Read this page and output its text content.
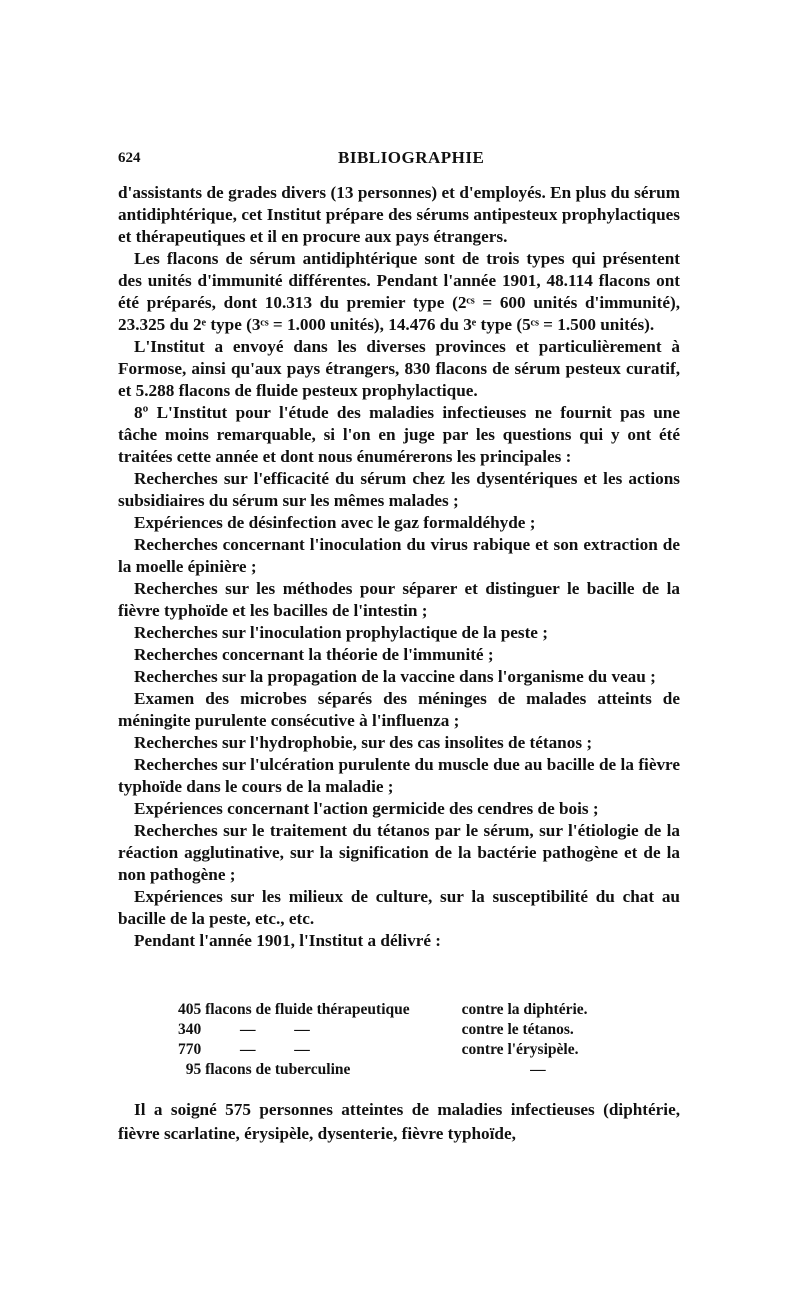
624	BIBLIOGRAPHIE

d'assistants de grades divers (13 personnes) et d'employés. En plus du sérum antidiphtérique, cet Institut prépare des sérums antipesteux prophylactiques et thérapeutiques et il en procure aux pays étrangers.

Les flacons de sérum antidiphtérique sont de trois types qui présentent des unités d'immunité différentes. Pendant l'année 1901, 48.114 flacons ont été préparés, dont 10.313 du premier type (2ᶜˢ = 600 unités d'immunité), 23.325 du 2ᵉ type (3ᶜˢ = 1.000 unités), 14.476 du 3ᵉ type (5ᶜˢ = 1.500 unités).

L'Institut a envoyé dans les diverses provinces et particulièrement à Formose, ainsi qu'aux pays étrangers, 830 flacons de sérum pesteux curatif, et 5.288 flacons de fluide pesteux prophylactique.

8º L'Institut pour l'étude des maladies infectieuses ne fournit pas une tâche moins remarquable, si l'on en juge par les questions qui y ont été traitées cette année et dont nous énumérerons les principales :

Recherches sur l'efficacité du sérum chez les dysentériques et les actions subsidiaires du sérum sur les mêmes malades ;

Expériences de désinfection avec le gaz formaldéhyde ;

Recherches concernant l'inoculation du virus rabique et son extraction de la moelle épinière ;

Recherches sur les méthodes pour séparer et distinguer le bacille de la fièvre typhoïde et les bacilles de l'intestin ;

Recherches sur l'inoculation prophylactique de la peste ;

Recherches concernant la théorie de l'immunité ;

Recherches sur la propagation de la vaccine dans l'organisme du veau ;

Examen des microbes séparés des méninges de malades atteints de méningite purulente consécutive à l'influenza ;

Recherches sur l'hydrophobie, sur des cas insolites de tétanos ;

Recherches sur l'ulcération purulente du muscle due au bacille de la fièvre typhoïde dans le cours de la maladie ;

Expériences concernant l'action germicide des cendres de bois ;

Recherches sur le traitement du tétanos par le sérum, sur l'étiologie de la réaction agglutinative, sur la signification de la bactérie pathogène et de la non pathogène ;

Expériences sur les milieux de culture, sur la susceptibilité du chat au bacille de la peste, etc., etc.

Pendant l'année 1901, l'Institut a délivré :

405 flacons de fluide thérapeutique	contre la diphtérie.
340          —          —	contre le tétanos.
770          —          —	contre l'érysipèle.
95 flacons de tuberculine	—

Il a soigné 575 personnes atteintes de maladies infectieuses (diphtérie, fièvre scarlatine, érysipèle, dysenterie, fièvre typhoïde,
